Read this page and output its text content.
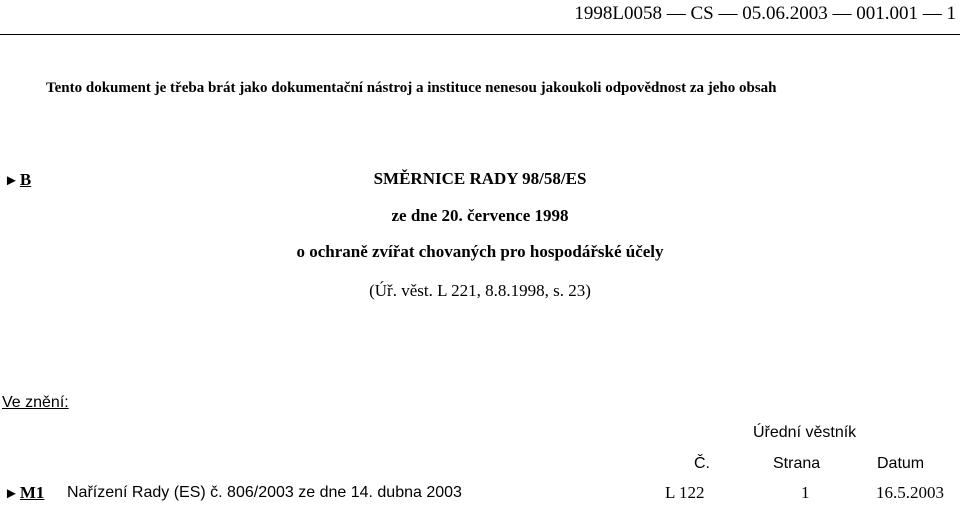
1998L0058 — CS — 05.06.2003 — 001.001 — 1
Tento dokument je třeba brát jako dokumentační nástroj a instituce nenesou jakoukoli odpovědnost za jeho obsah
►B	SMĚRNICE RADY 98/58/ES
ze dne 20. července 1998
o ochraně zvířat chovaných pro hospodářské účely
(Úř. věst. L 221, 8.8.1998, s. 23)
Ve znění:
Úřední věstník
Č.	Strana	Datum
►M1 Nařízení Rady (ES) č. 806/2003 ze dne 14. dubna 2003	L 122	1	16.5.2003
